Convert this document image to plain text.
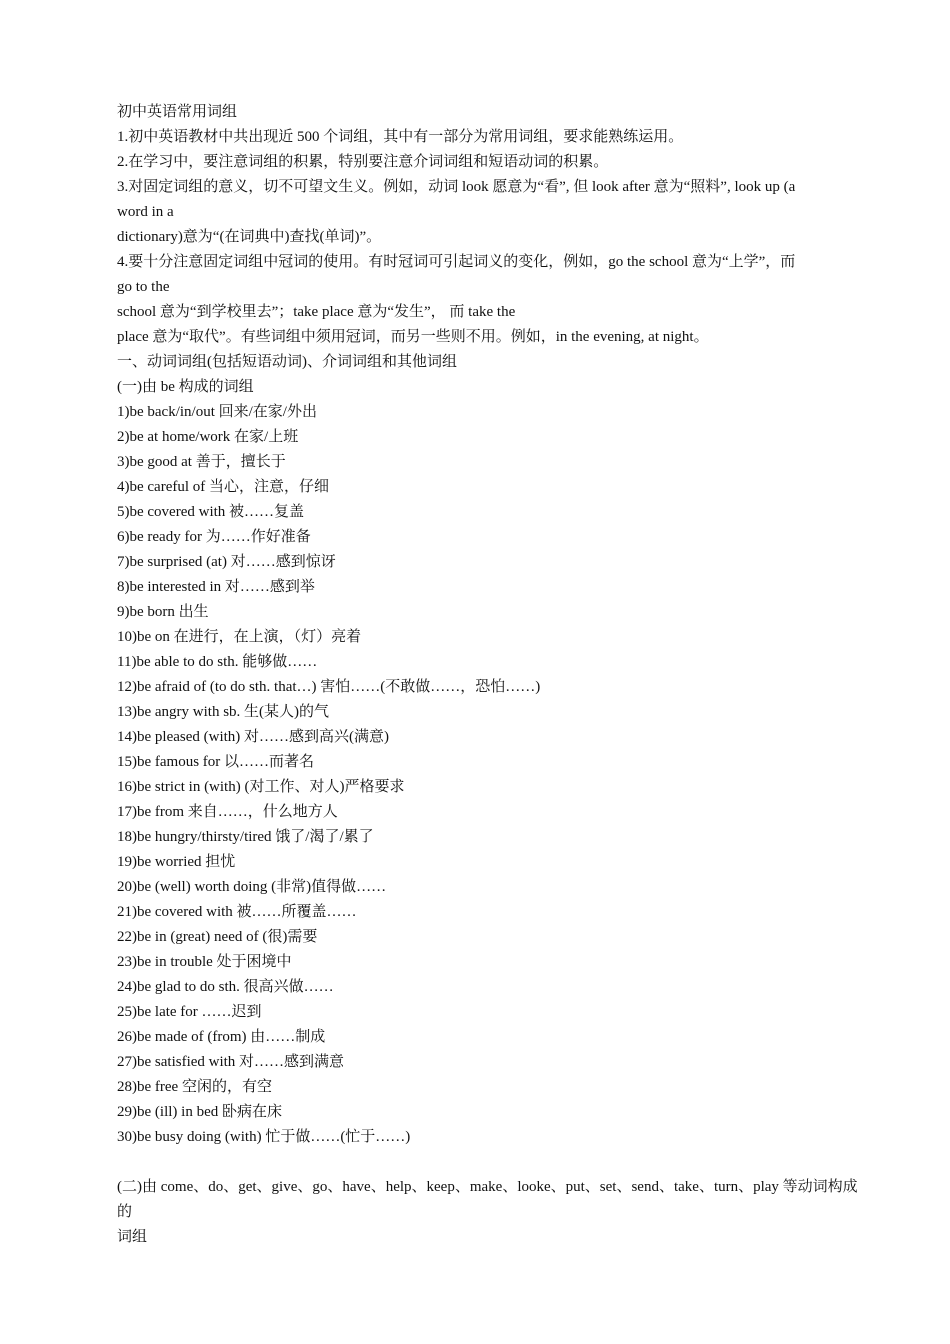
初中英语常用词组
1.初中英语教材中共出现近 500 个词组，其中有一部分为常用词组，要求能熟练运用。
2.在学习中，要注意词组的积累，特别要注意介词词组和短语动词的积累。
3.对固定词组的意义，切不可望文生义。例如，动词 look 愿意为“看”, 但 look after 意为“照料”, look up (a
word in a
dictionary)意为“(在词典中)查找(单词)”。
4.要十分注意固定词组中冠词的使用。有时冠词可引起词义的变化，例如，go the school 意为“上学”，而
go to the
school 意为“到学校里去”；take place 意为“发生”， 而 take the
place 意为“取代”。有些词组中须用冠词，而另一些则不用。例如，in the evening, at night。
一、动词词组(包括短语动词)、介词词组和其他词组
(一)由 be 构成的词组
1)be back/in/out 回来/在家/外出
2)be at home/work 在家/上班
3)be good at 善于，擅长于
4)be careful of 当心，注意，仔细
5)be covered with 被……复盖
6)be ready for 为……作好准备
7)be surprised (at) 对……感到惊讶
8)be interested in 对……感到举
9)be born 出生
10)be on 在进行，在上演，（灯）亮着
11)be able to do sth. 能够做……
12)be afraid of (to do sth. that…) 害怕……(不敢做……，恐怕……)
13)be angry with sb. 生(某人)的气
14)be pleased (with) 对……感到高兴(满意)
15)be famous for 以……而著名
16)be strict in (with) (对工作、对人)严格要求
17)be from 来自……，什么地方人
18)be hungry/thirsty/tired 饿了/渴了/累了
19)be worried 担忧
20)be (well) worth doing (非常)值得做……
21)be covered with 被……所覆盖……
22)be in (great) need of (很)需要
23)be in trouble 处于困境中
24)be glad to do sth. 很高兴做……
25)be late for ……迟到
26)be made of (from) 由……制成
27)be satisfied with 对……感到满意
28)be free 空闲的，有空
29)be (ill) in bed 卧病在床
30)be busy doing (with) 忙于做……(忙于……)
(二)由 come、do、get、give、go、have、help、keep、make、looke、put、set、send、take、turn、play 等动词构成的
词组
